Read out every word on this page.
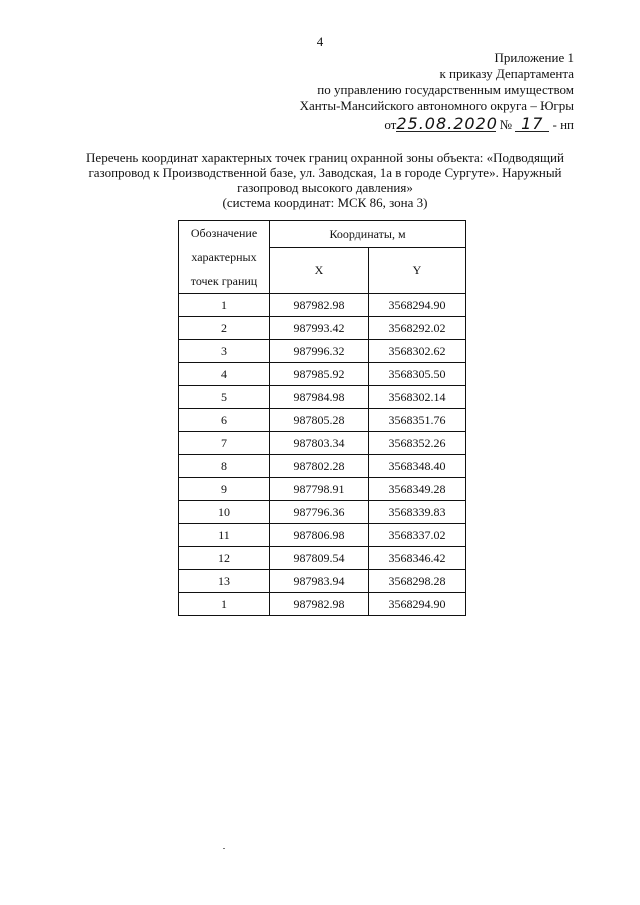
4
Приложение 1
к приказу Департамента
по управлению государственным имуществом
Ханты-Мансийского автономного округа – Югры
от25.08.2020 № 17 - нп
Перечень координат характерных точек границ охранной зоны объекта: «Подводящий
газопровод к Производственной базе, ул. Заводская, 1а в городе Сургуте». Наружный
газопровод высокого давления»
(система координат: МСК 86, зона 3)
Обозначение
характерных
точек границ	Координаты, м	
	X	Y
1	987982.98	3568294.90
2	987993.42	3568292.02
3	987996.32	3568302.62
4	987985.92	3568305.50
5	987984.98	3568302.14
6	987805.28	3568351.76
7	987803.34	3568352.26
8	987802.28	3568348.40
9	987798.91	3568349.28
10	987796.36	3568339.83
11	987806.98	3568337.02
12	987809.54	3568346.42
13	987983.94	3568298.28
1	987982.98	3568294.90
